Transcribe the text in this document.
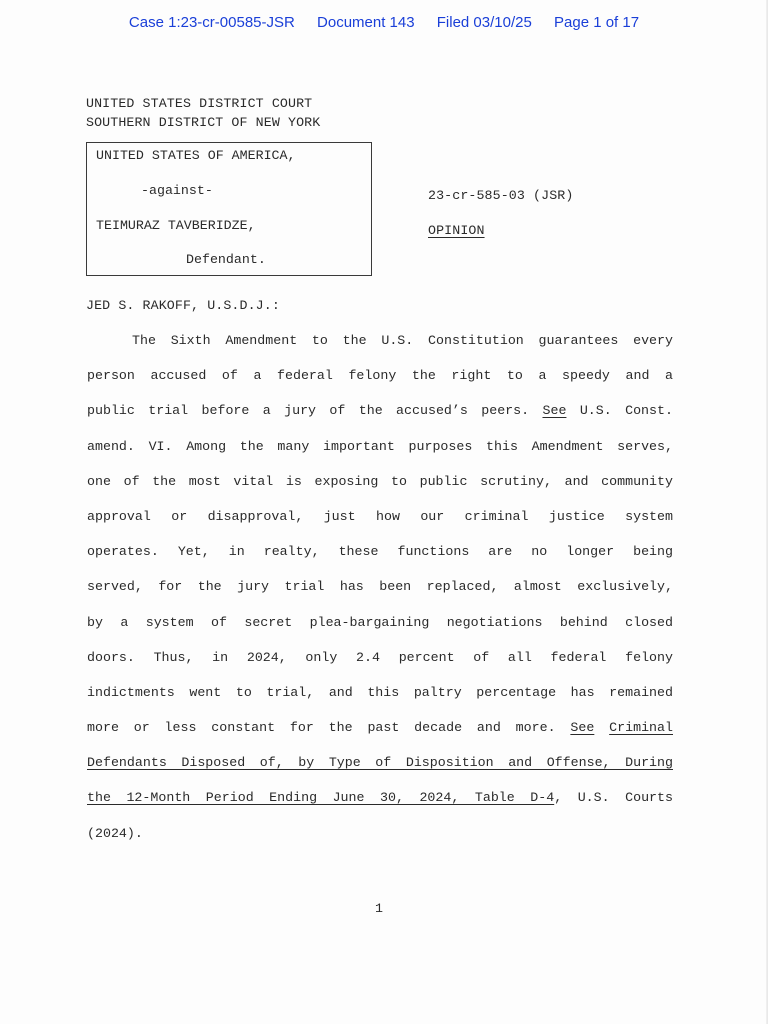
Case 1:23-cr-00585-JSR Document 143 Filed 03/10/25 Page 1 of 17
UNITED STATES DISTRICT COURT
SOUTHERN DISTRICT OF NEW YORK
UNITED STATES OF AMERICA,
-against-
TEIMURAZ TAVBERIDZE,
Defendant.
23-cr-585-03 (JSR)
OPINION
JED S. RAKOFF, U.S.D.J.:
The Sixth Amendment to the U.S. Constitution guarantees every
person accused of a federal felony the right to a speedy and a
public trial before a jury of the accused’s peers. See U.S. Const.
amend. VI. Among the many important purposes this Amendment serves,
one of the most vital is exposing to public scrutiny, and community
approval or disapproval, just how our criminal justice system
operates. Yet, in realty, these functions are no longer being
served, for the jury trial has been replaced, almost exclusively,
by a system of secret plea-bargaining negotiations behind closed
doors. Thus, in 2024, only 2.4 percent of all federal felony
indictments went to trial, and this paltry percentage has remained
more or less constant for the past decade and more. See Criminal
Defendants Disposed of, by Type of Disposition and Offense, During
the 12-Month Period Ending June 30, 2024, Table D-4, U.S. Courts
(2024).
1
